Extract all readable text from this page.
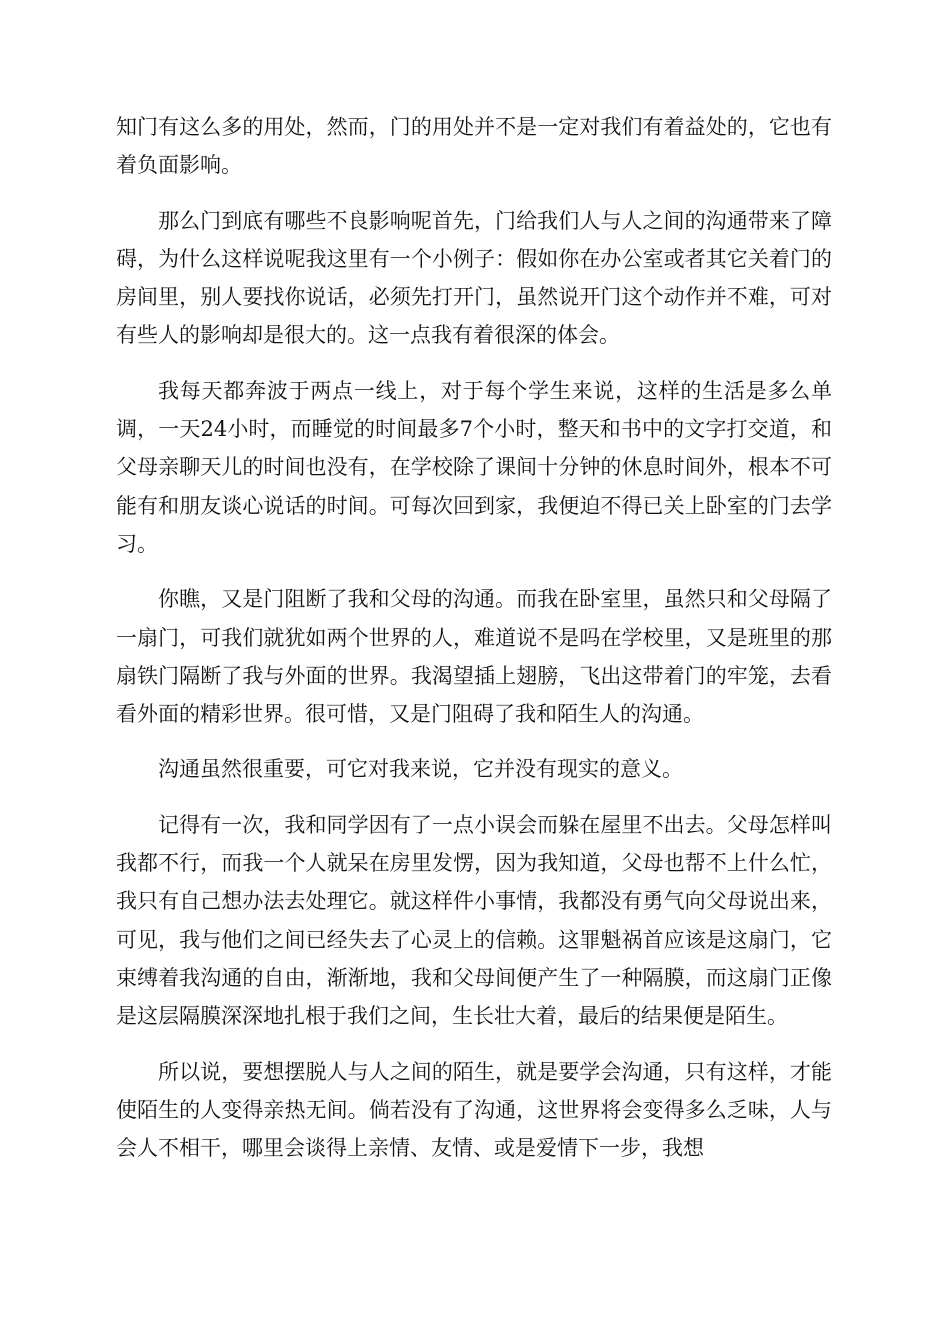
知门有这么多的用处，然而，门的用处并不是一定对我们有着益处的，它也有着负面影响。

那么门到底有哪些不良影响呢首先，门给我们人与人之间的沟通带来了障碍，为什么这样说呢我这里有一个小例子：假如你在办公室或者其它关着门的房间里，别人要找你说话，必须先打开门，虽然说开门这个动作并不难，可对有些人的影响却是很大的。这一点我有着很深的体会。

我每天都奔波于两点一线上，对于每个学生来说，这样的生活是多么单调，一天24小时，而睡觉的时间最多7个小时，整天和书中的文字打交道，和父母亲聊天儿的时间也没有，在学校除了课间十分钟的休息时间外，根本不可能有和朋友谈心说话的时间。可每次回到家，我便迫不得已关上卧室的门去学习。

你瞧，又是门阻断了我和父母的沟通。而我在卧室里，虽然只和父母隔了一扇门，可我们就犹如两个世界的人，难道说不是吗在学校里，又是班里的那扇铁门隔断了我与外面的世界。我渴望插上翅膀，飞出这带着门的牢笼，去看看外面的精彩世界。很可惜，又是门阻碍了我和陌生人的沟通。

沟通虽然很重要，可它对我来说，它并没有现实的意义。

记得有一次，我和同学因有了一点小误会而躲在屋里不出去。父母怎样叫我都不行，而我一个人就呆在房里发愣，因为我知道，父母也帮不上什么忙，我只有自己想办法去处理它。就这样件小事情，我都没有勇气向父母说出来，可见，我与他们之间已经失去了心灵上的信赖。这罪魁祸首应该是这扇门，它束缚着我沟通的自由，渐渐地，我和父母间便产生了一种隔膜，而这扇门正像是这层隔膜深深地扎根于我们之间，生长壮大着，最后的结果便是陌生。

所以说，要想摆脱人与人之间的陌生，就是要学会沟通，只有这样，才能使陌生的人变得亲热无间。倘若没有了沟通，这世界将会变得多么乏味，人与会人不相干，哪里会谈得上亲情、友情、或是爱情下一步，我想
